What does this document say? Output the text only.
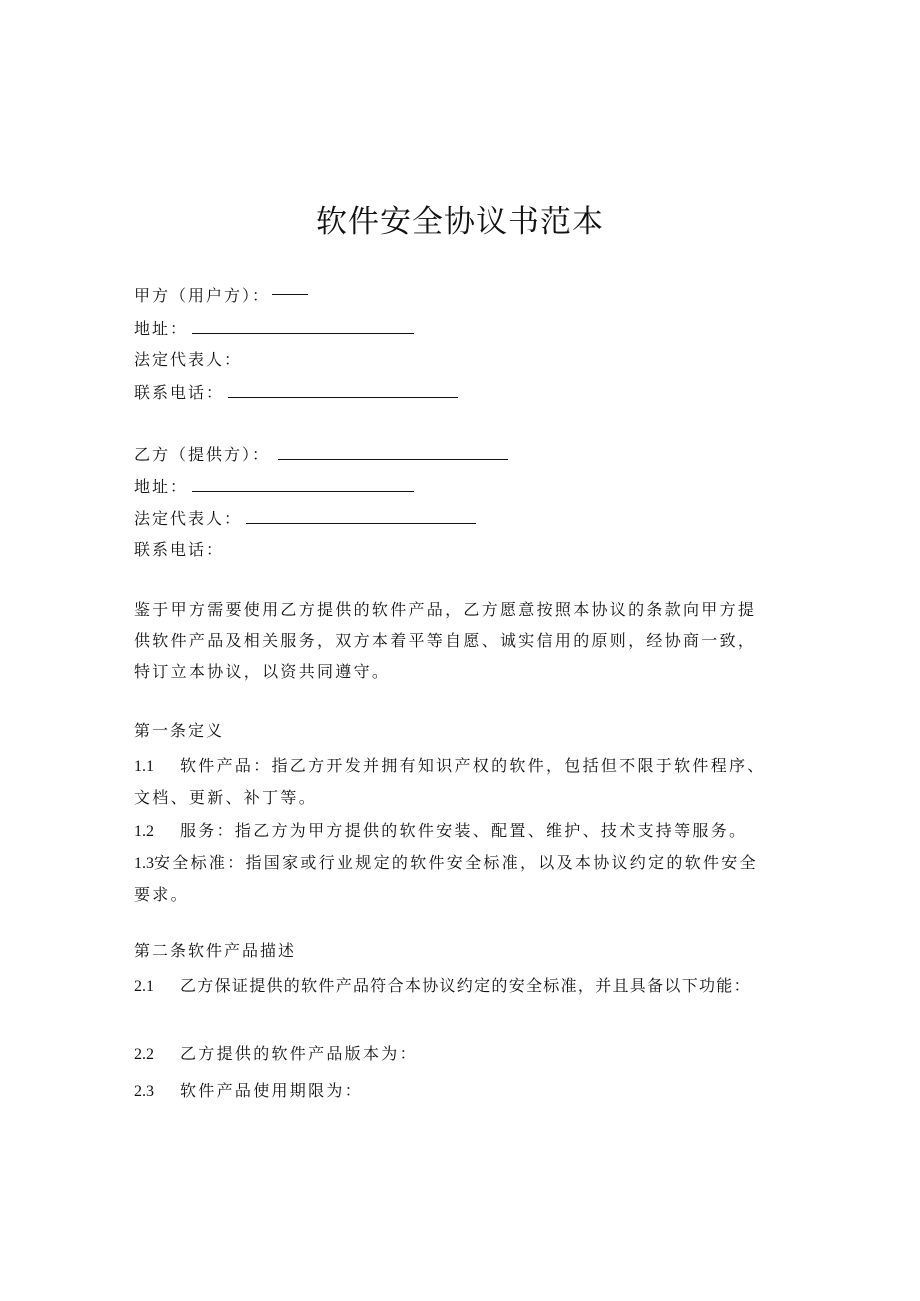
软件安全协议书范本
甲方（用户方）：
地址：
法定代表人：
联系电话：
乙方（提供方）：
地址：
法定代表人：
联系电话：
鉴于甲方需要使用乙方提供的软件产品，乙方愿意按照本协议的条款向甲方提供软件产品及相关服务，双方本着平等自愿、诚实信用的原则，经协商一致，特订立本协议，以资共同遵守。
第一条定义
1.1 软件产品：指乙方开发并拥有知识产权的软件，包括但不限于软件程序、文档、更新、补丁等。
1.2 服务：指乙方为甲方提供的软件安装、配置、维护、技术支持等服务。
1.3安全标准：指国家或行业规定的软件安全标准，以及本协议约定的软件安全要求。
第二条软件产品描述
2.1 乙方保证提供的软件产品符合本协议约定的安全标准，并且具备以下功能：
2.2 乙方提供的软件产品版本为：
2.3 软件产品使用期限为：
